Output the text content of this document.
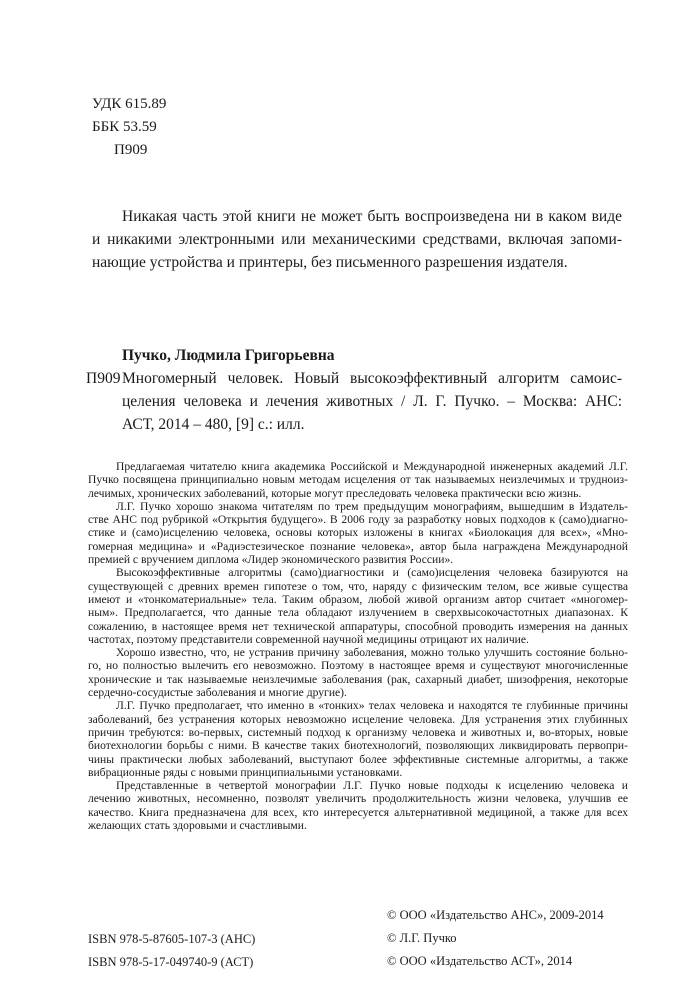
УДК 615.89
ББК 53.59
П909
Никакая часть этой книги не может быть воспроизведена ни в каком виде
и никакими электронными или механическими средствами, включая запоми-
нающие устройства и принтеры, без письменного разрешения издателя.
Пучко, Людмила Григорьевна
П909 Многомерный человек. Новый высокоэффективный алгоритм самоис-
целения человека и лечения животных / Л. Г. Пучко. – Москва: АНС:
АСТ, 2014 – 480, [9] с.: илл.
Предлагаемая читателю книга академика Российской и Международной инженерных академий Л.Г.
Пучко посвящена принципиально новым методам исцеления от так называемых неизлечимых и трудноиз-
лечимых, хронических заболеваний, которые могут преследовать человека практически всю жизнь.
Л.Г. Пучко хорошо знакома читателям по трем предыдущим монографиям, вышедшим в Издатель-
стве АНС под рубрикой «Открытия будущего». В 2006 году за разработку новых подходов к (само)диагно-
стике и (само)исцелению человека, основы которых изложены в книгах «Биолокация для всех», «Мно-
гомерная медицина» и «Радиэстезическое познание человека», автор была награждена Международной
премией с вручением диплома «Лидер экономического развития России».
Высокоэффективные алгоритмы (само)диагностики и (само)исцеления человека базируются на
существующей с древних времен гипотезе о том, что, наряду с физическим телом, все живые существа
имеют и «тонкоматериальные» тела. Таким образом, любой живой организм автор считает «многомер-
ным». Предполагается, что данные тела обладают излучением в сверхвысокочастотных диапазонах. К
сожалению, в настоящее время нет технической аппаратуры, способной проводить измерения на данных
частотах, поэтому представители современной научной медицины отрицают их наличие.
Хорошо известно, что, не устранив причину заболевания, можно только улучшить состояние больно-
го, но полностью вылечить его невозможно. Поэтому в настоящее время и существуют многочисленные
хронические и так называемые неизлечимые заболевания (рак, сахарный диабет, шизофрения, некоторые
сердечно-сосудистые заболевания и многие другие).
Л.Г. Пучко предполагает, что именно в «тонких» телах человека и находятся те глубинные причины
заболеваний, без устранения которых невозможно исцеление человека. Для устранения этих глубинных
причин требуются: во-первых, системный подход к организму человека и животных и, во-вторых, новые
биотехнологии борьбы с ними. В качестве таких биотехнологий, позволяющих ликвидировать первопри-
чины практически любых заболеваний, выступают более эффективные системные алгоритмы, а также
вибрационные ряды с новыми принципиальными установками.
Представленные в четвертой монографии Л.Г. Пучко новые подходы к исцелению человека и
лечению животных, несомненно, позволят увеличить продолжительность жизни человека, улучшив ее
качество. Книга предназначена для всех, кто интересуется альтернативной медициной, а также для всех
желающих стать здоровыми и счастливыми.
ISBN 978-5-87605-107-3 (АНС)
ISBN 978-5-17-049740-9 (АСТ)
© ООО «Издательство АНС», 2009-2014
© Л.Г. Пучко
© ООО «Издательство АСТ», 2014
